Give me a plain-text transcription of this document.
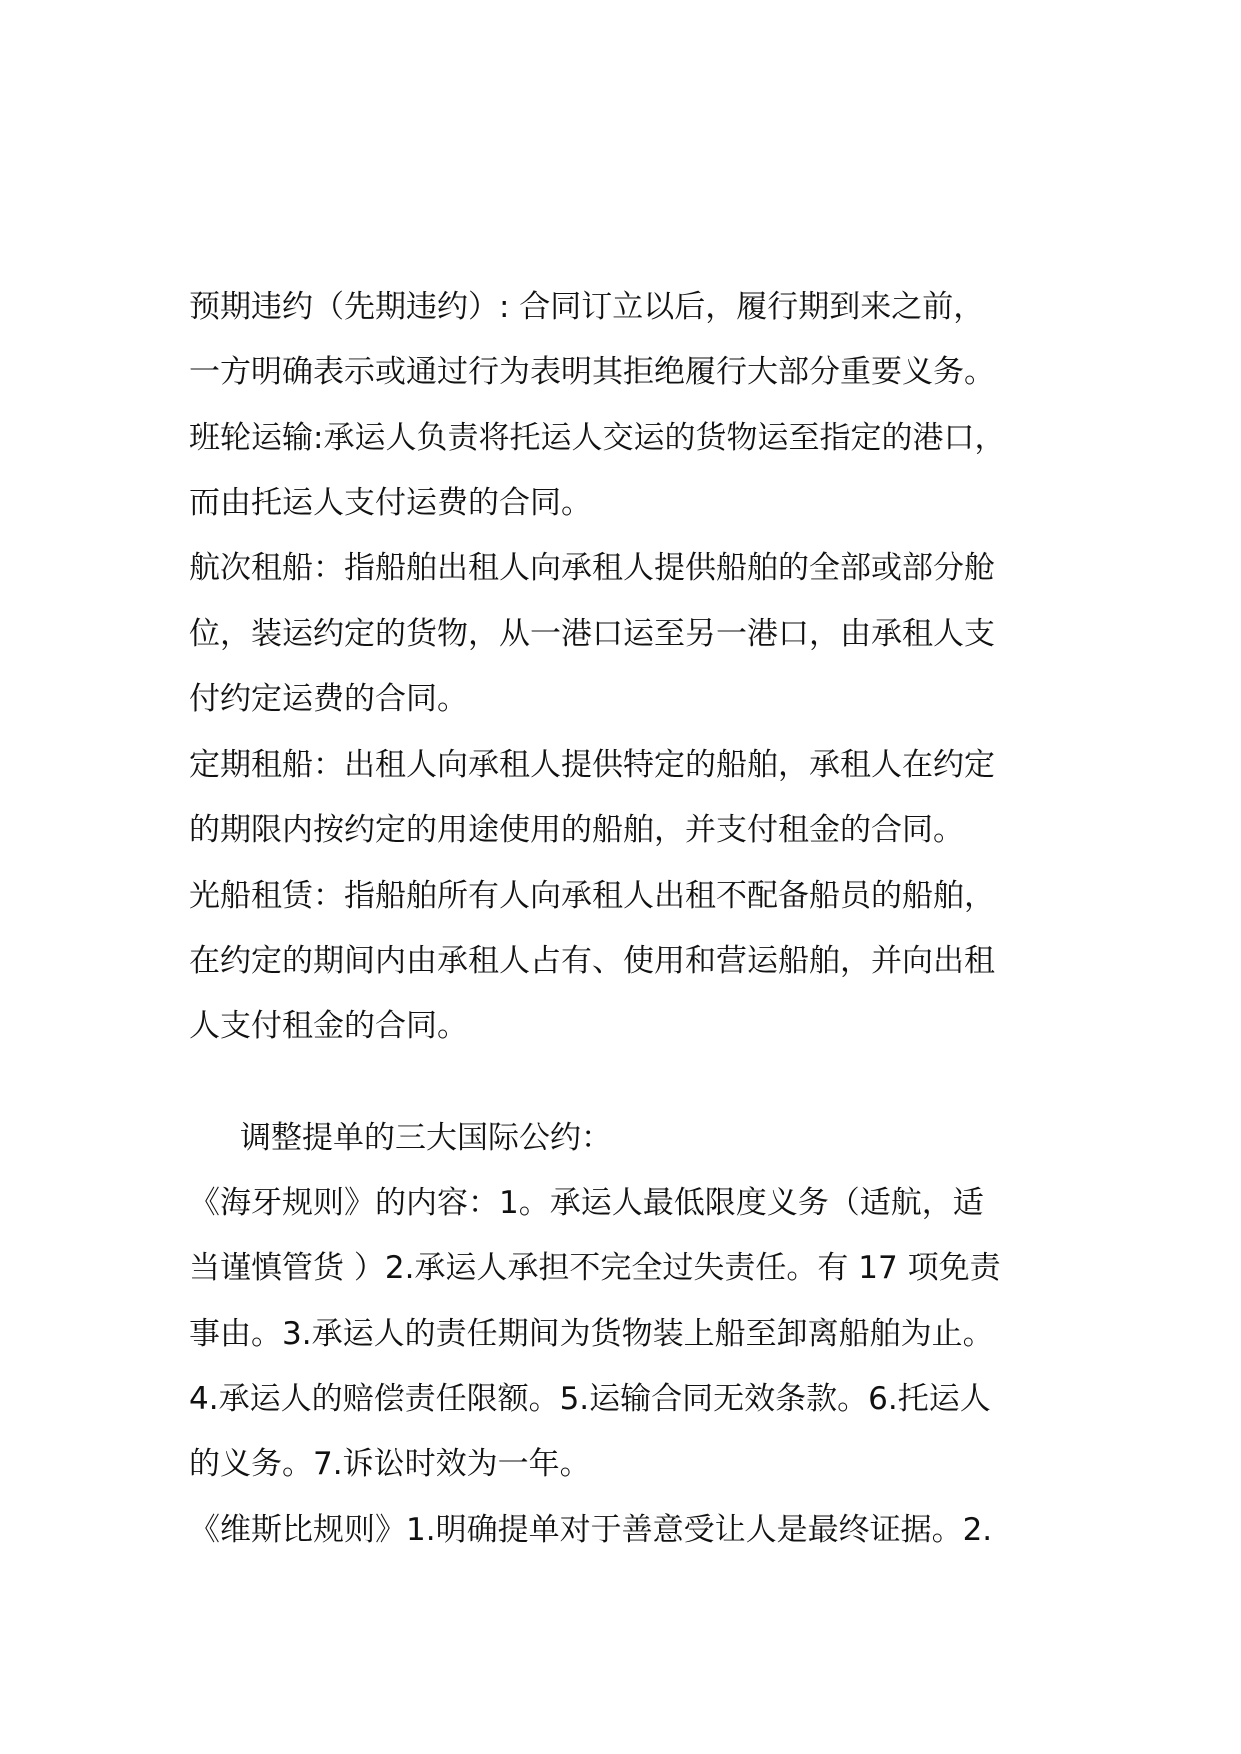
预期违约（先期违约）: 合同订立以后，履行期到来之前，
一方明确表示或通过行为表明其拒绝履行大部分重要义务。
班轮运输:承运人负责将托运人交运的货物运至指定的港口，
而由托运人支付运费的合同。
航次租船：指船舶出租人向承租人提供船舶的全部或部分舱
位，装运约定的货物，从一港口运至另一港口，由承租人支
付约定运费的合同。
定期租船：出租人向承租人提供特定的船舶，承租人在约定
的期限内按约定的用途使用的船舶，并支付租金的合同。
光船租赁：指船舶所有人向承租人出租不配备船员的船舶，
在约定的期间内由承租人占有、使用和营运船舶，并向出租
人支付租金的合同。
调整提单的三大国际公约：
《海牙规则》的内容：1。承运人最低限度义务（适航，适
当谨慎管货 ）2.承运人承担不完全过失责任。有 17 项免责
事由。3.承运人的责任期间为货物装上船至卸离船舶为止。
4.承运人的赔偿责任限额。5.运输合同无效条款。6.托运人
的义务。7.诉讼时效为一年。
《维斯比规则》1.明确提单对于善意受让人是最终证据。2.
